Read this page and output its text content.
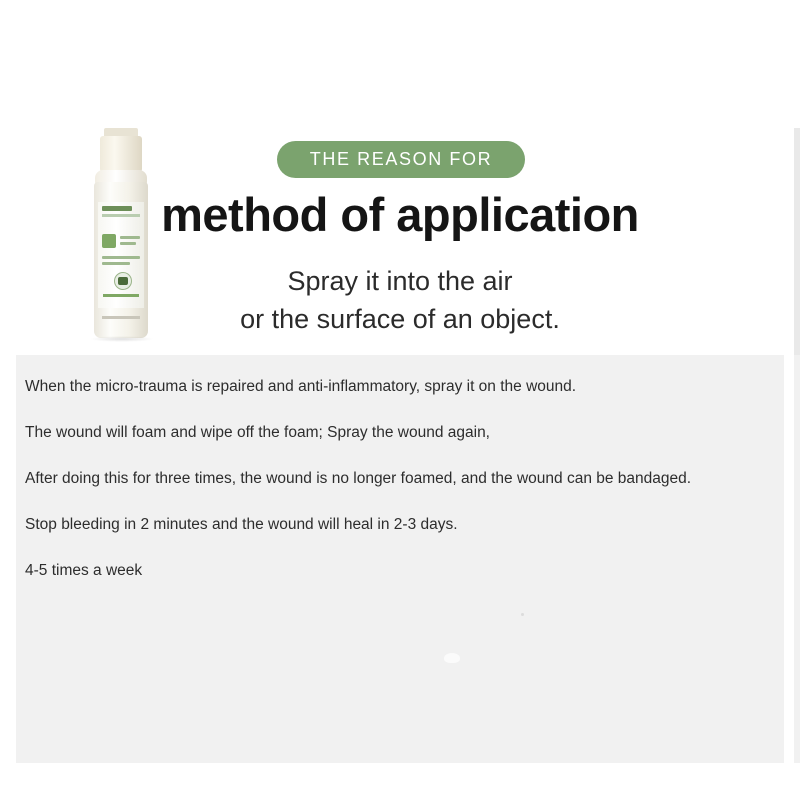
THE REASON FOR
method of application
Spray it into the air
or the surface of an object.
When the micro-trauma is repaired and anti-inflammatory, spray it on the wound.
The wound will foam and wipe off the foam; Spray the wound again,
After doing this for three times, the wound is no longer foamed, and the wound can be bandaged.
Stop bleeding in 2 minutes and the wound will heal in 2-3 days.
4-5 times a week
